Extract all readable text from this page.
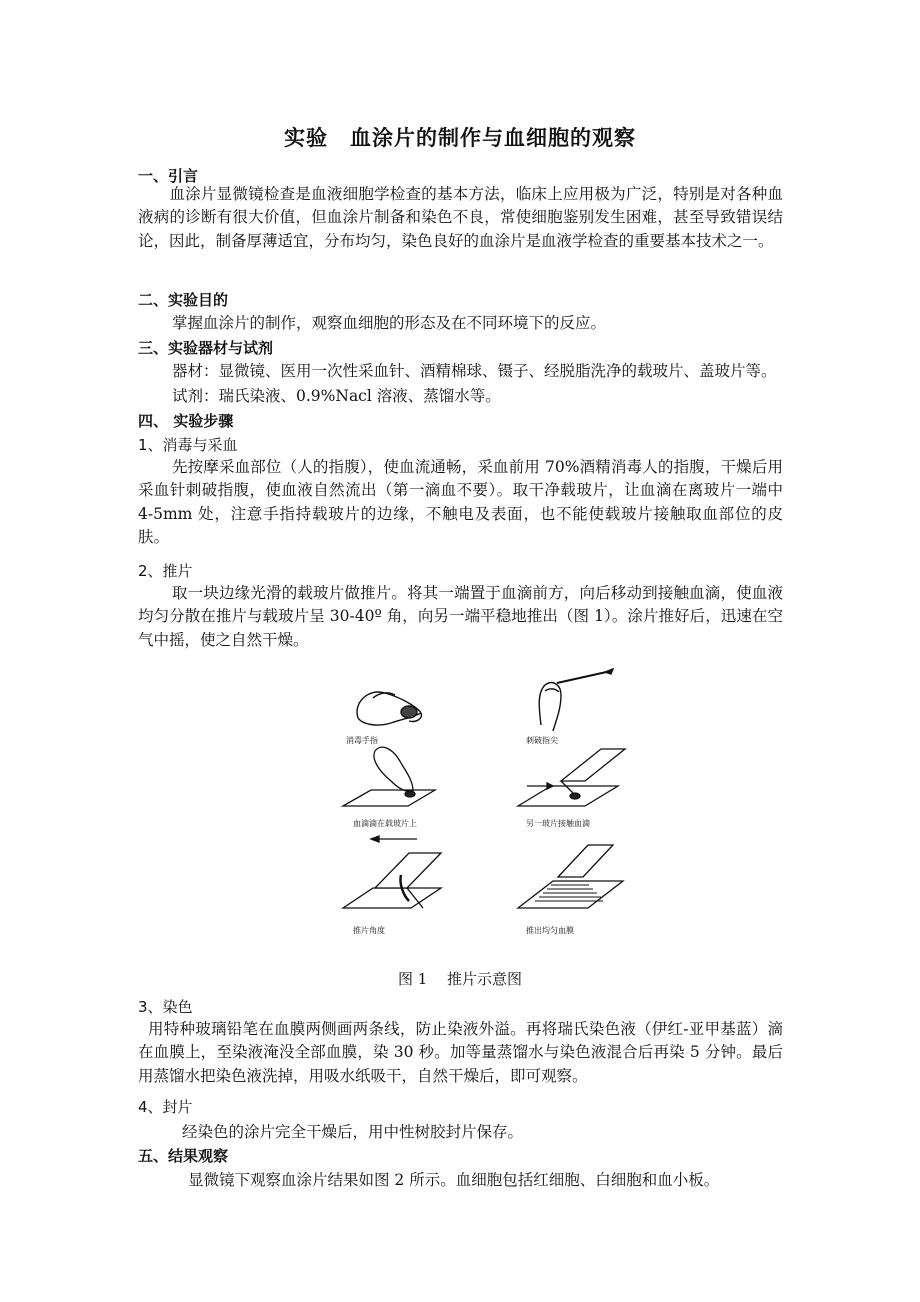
实验　血涂片的制作与血细胞的观察
一、引言
　　血涂片显微镜检查是血液细胞学检查的基本方法，临床上应用极为广泛，特别是对各种血液病的诊断有很大价值，但血涂片制备和染色不良，常使细胞鉴别发生困难，甚至导致错误结论，因此，制备厚薄适宜，分布均匀，染色良好的血涂片是血液学检查的重要基本技术之一。
二、实验目的
掌握血涂片的制作，观察血细胞的形态及在不同环境下的反应。
三、实验器材与试剂
器材：显微镜、医用一次性采血针、酒精棉球、镊子、经脱脂洗净的载玻片、盖玻片等。
试剂：瑞氏染液、0.9%Nacl 溶液、蒸馏水等。
四、 实验步骤
1、消毒与采血
先按摩采血部位（人的指腹），使血流通畅，采血前用 70%酒精消毒人的指腹，干燥后用采血针刺破指腹，使血液自然流出（第一滴血不要）。取干净载玻片，让血滴在离玻片一端中 4-5mm 处，注意手指持载玻片的边缘，不触电及表面，也不能使载玻片接触取血部位的皮肤。
2、推片
取一块边缘光滑的载玻片做推片。将其一端置于血滴前方，向后移动到接触血滴，使血液均匀分散在推片与载玻片呈 30-40º 角，向另一端平稳地推出（图 1）。涂片推好后，迅速在空气中摇，使之自然干燥。
消毒手指	刺破指尖
血滴滴在载玻片上	另一玻片接触血滴
推片角度	推出均匀血膜
图 1　 推片示意图
3、染色
用特种玻璃铅笔在血膜两侧画两条线，防止染液外溢。再将瑞氏染色液（伊红-亚甲基蓝）滴在血膜上，至染液淹没全部血膜，染 30 秒。加等量蒸馏水与染色液混合后再染 5 分钟。最后用蒸馏水把染色液洗掉，用吸水纸吸干，自然干燥后，即可观察。
4、封片
经染色的涂片完全干燥后，用中性树胶封片保存。
五、结果观察
显微镜下观察血涂片结果如图 2 所示。血细胞包括红细胞、白细胞和血小板。
